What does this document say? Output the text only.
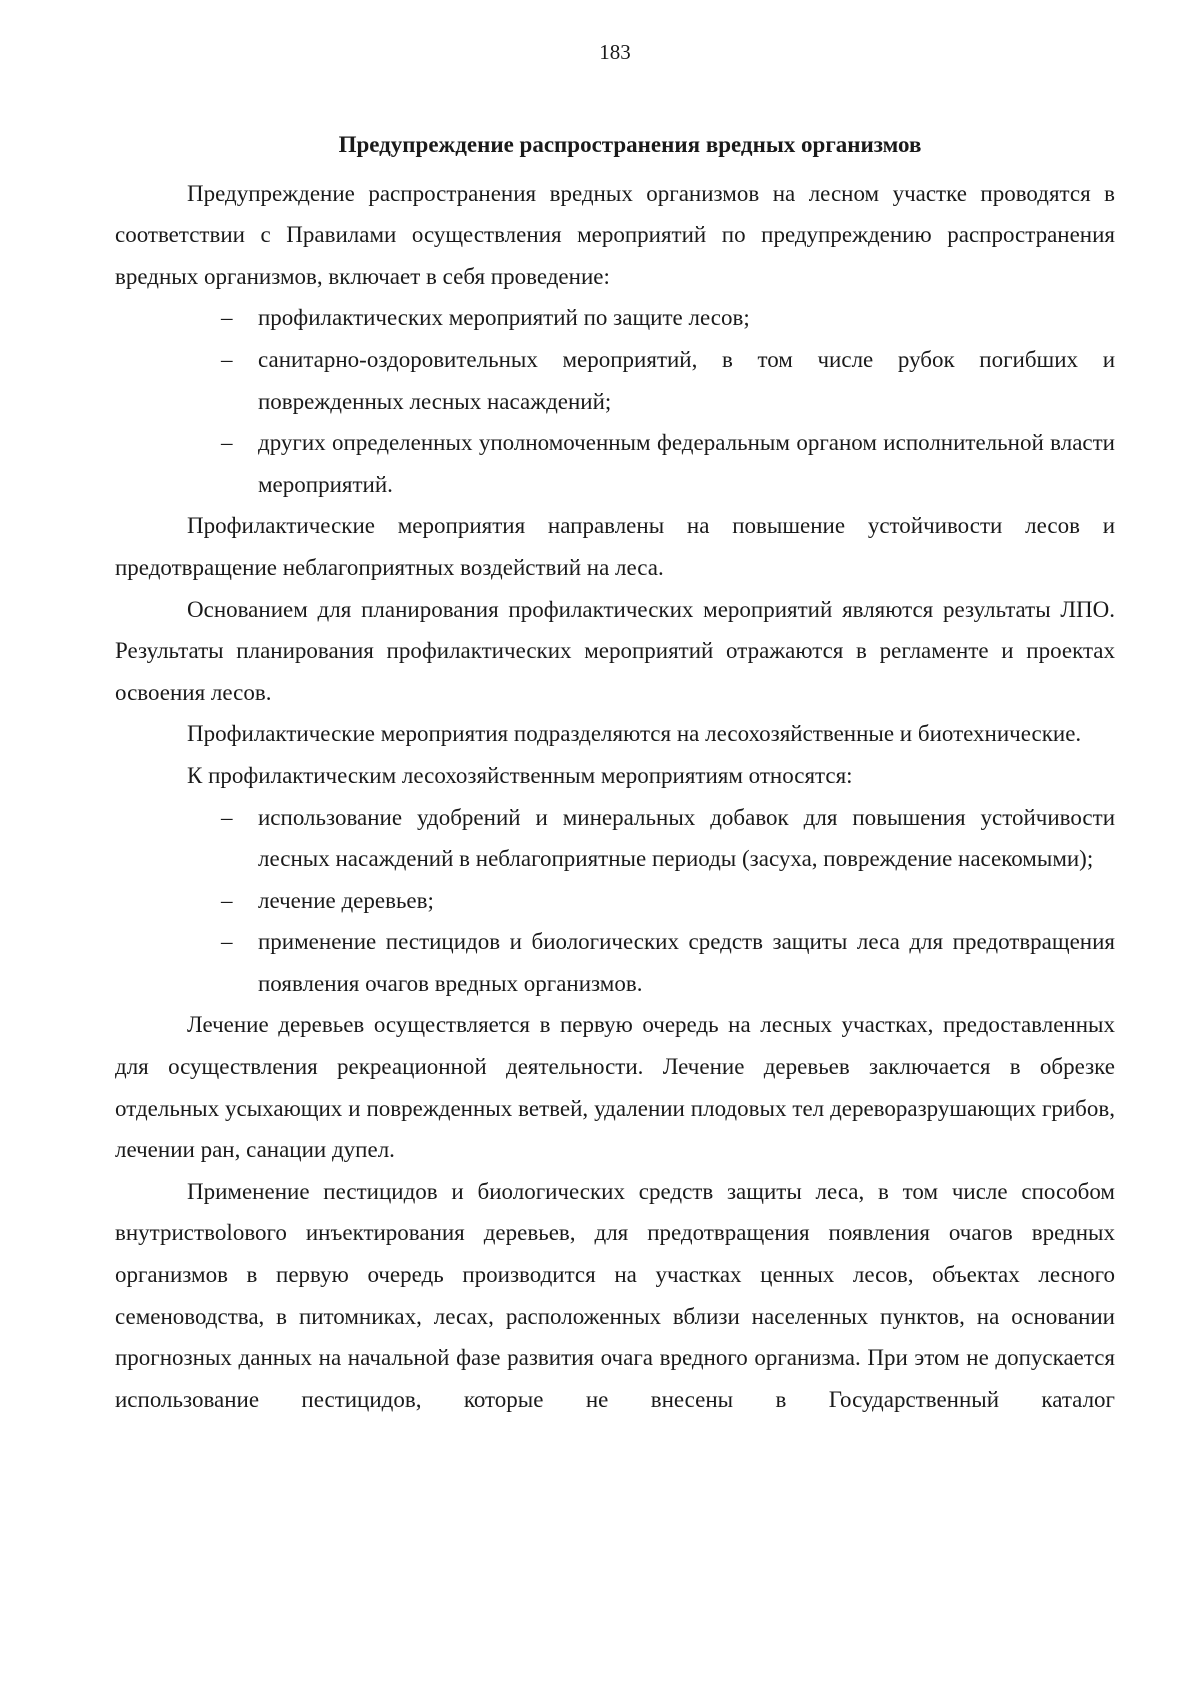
183

Предупреждение распространения вредных организмов

Предупреждение распространения вредных организмов на лесном участке проводятся в соответствии с Правилами осуществления мероприятий по предупреждению распространения вредных организмов, включает в себя проведение:

– профилактических мероприятий по защите лесов;
– санитарно-оздоровительных мероприятий, в том числе рубок погибших и поврежденных лесных насаждений;
– других определенных уполномоченным федеральным органом исполнительной власти мероприятий.

Профилактические мероприятия направлены на повышение устойчивости лесов и предотвращение неблагоприятных воздействий на леса.

Основанием для планирования профилактических мероприятий являются результаты ЛПО. Результаты планирования профилактических мероприятий отражаются в регламенте и проектах освоения лесов.

Профилактические мероприятия подразделяются на лесохозяйственные и биотехнические.

К профилактическим лесохозяйственным мероприятиям относятся:

– использование удобрений и минеральных добавок для повышения устойчивости лесных насаждений в неблагоприятные периоды (засуха, повреждение насекомыми);
– лечение деревьев;
– применение пестицидов и биологических средств защиты леса для предотвращения появления очагов вредных организмов.

Лечение деревьев осуществляется в первую очередь на лесных участках, предоставленных для осуществления рекреационной деятельности. Лечение деревьев заключается в обрезке отдельных усыхающих и поврежденных ветвей, удалении плодовых тел дереворазрушающих грибов, лечении ран, санации дупел.

Применение пестицидов и биологических средств защиты леса, в том числе способом внутриствolового инъектирования деревьев, для предотвращения появления очагов вредных организмов в первую очередь производится на участках ценных лесов, объектах лесного семеноводства, в питомниках, лесах, расположенных вблизи населенных пунктов, на основании прогнозных данных на начальной фазе развития очага вредного организма. При этом не допускается использование пестицидов, которые не внесены в Государственный каталог
